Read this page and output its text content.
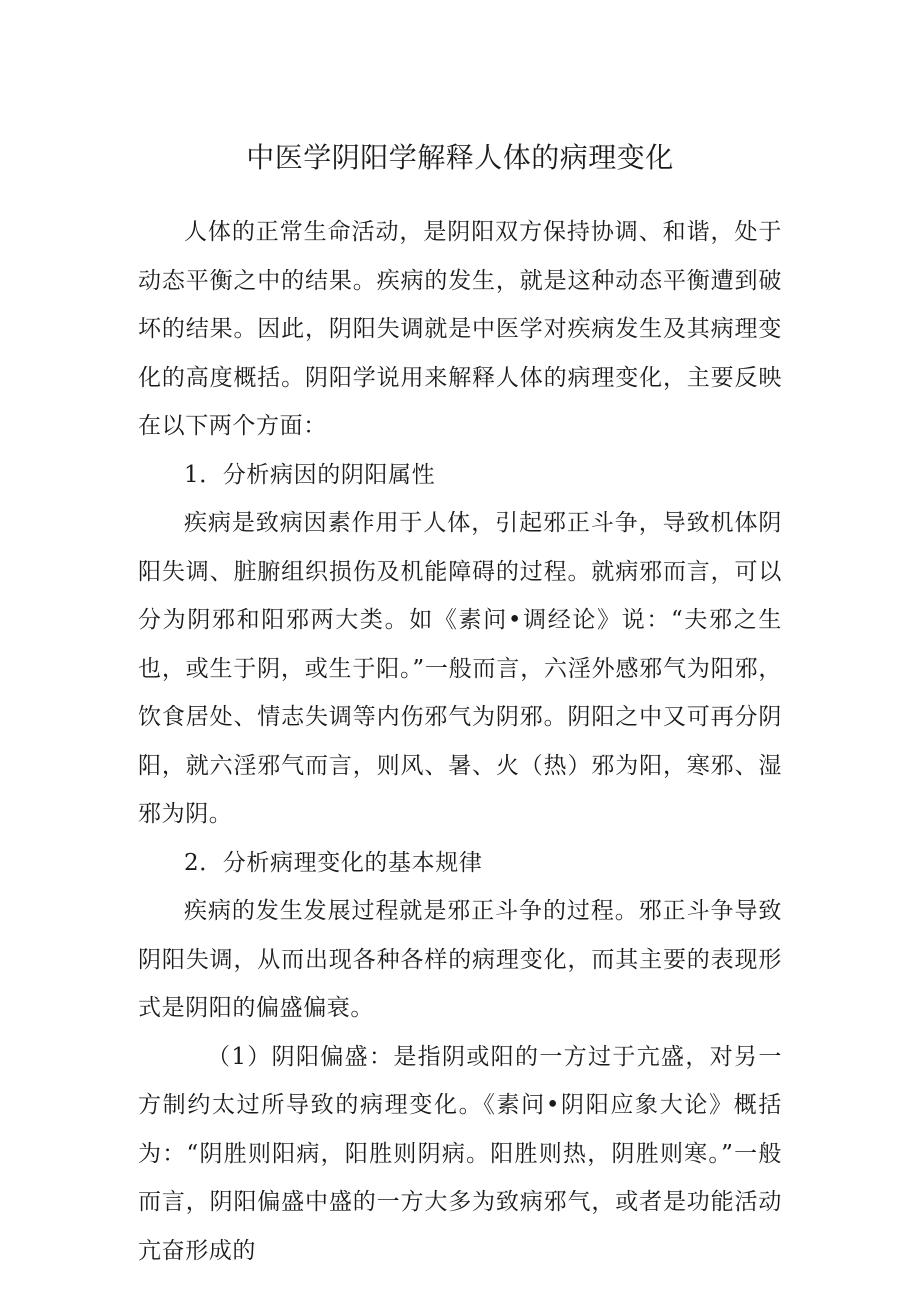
中医学阴阳学解释人体的病理变化

人体的正常生命活动，是阴阳双方保持协调、和谐，处于动态平衡之中的结果。疾病的发生，就是这种动态平衡遭到破坏的结果。因此，阴阳失调就是中医学对疾病发生及其病理变化的高度概括。阴阳学说用来解释人体的病理变化，主要反映在以下两个方面：

1．分析病因的阴阳属性

疾病是致病因素作用于人体，引起邪正斗争，导致机体阴阳失调、脏腑组织损伤及机能障碍的过程。就病邪而言，可以分为阴邪和阳邪两大类。如《素问•调经论》说：“夫邪之生也，或生于阴，或生于阳。”一般而言，六淫外感邪气为阳邪，饮食居处、情志失调等内伤邪气为阴邪。阴阳之中又可再分阴阳，就六淫邪气而言，则风、暑、火（热）邪为阳，寒邪、湿邪为阴。

2．分析病理变化的基本规律

疾病的发生发展过程就是邪正斗争的过程。邪正斗争导致阴阳失调，从而出现各种各样的病理变化，而其主要的表现形式是阴阳的偏盛偏衰。

（1）阴阳偏盛：是指阴或阳的一方过于亢盛，对另一方制约太过所导致的病理变化。《素问•阴阳应象大论》概括为：“阴胜则阳病，阳胜则阴病。阳胜则热，阴胜则寒。”一般而言，阴阳偏盛中盛的一方大多为致病邪气，或者是功能活动亢奋形成的
